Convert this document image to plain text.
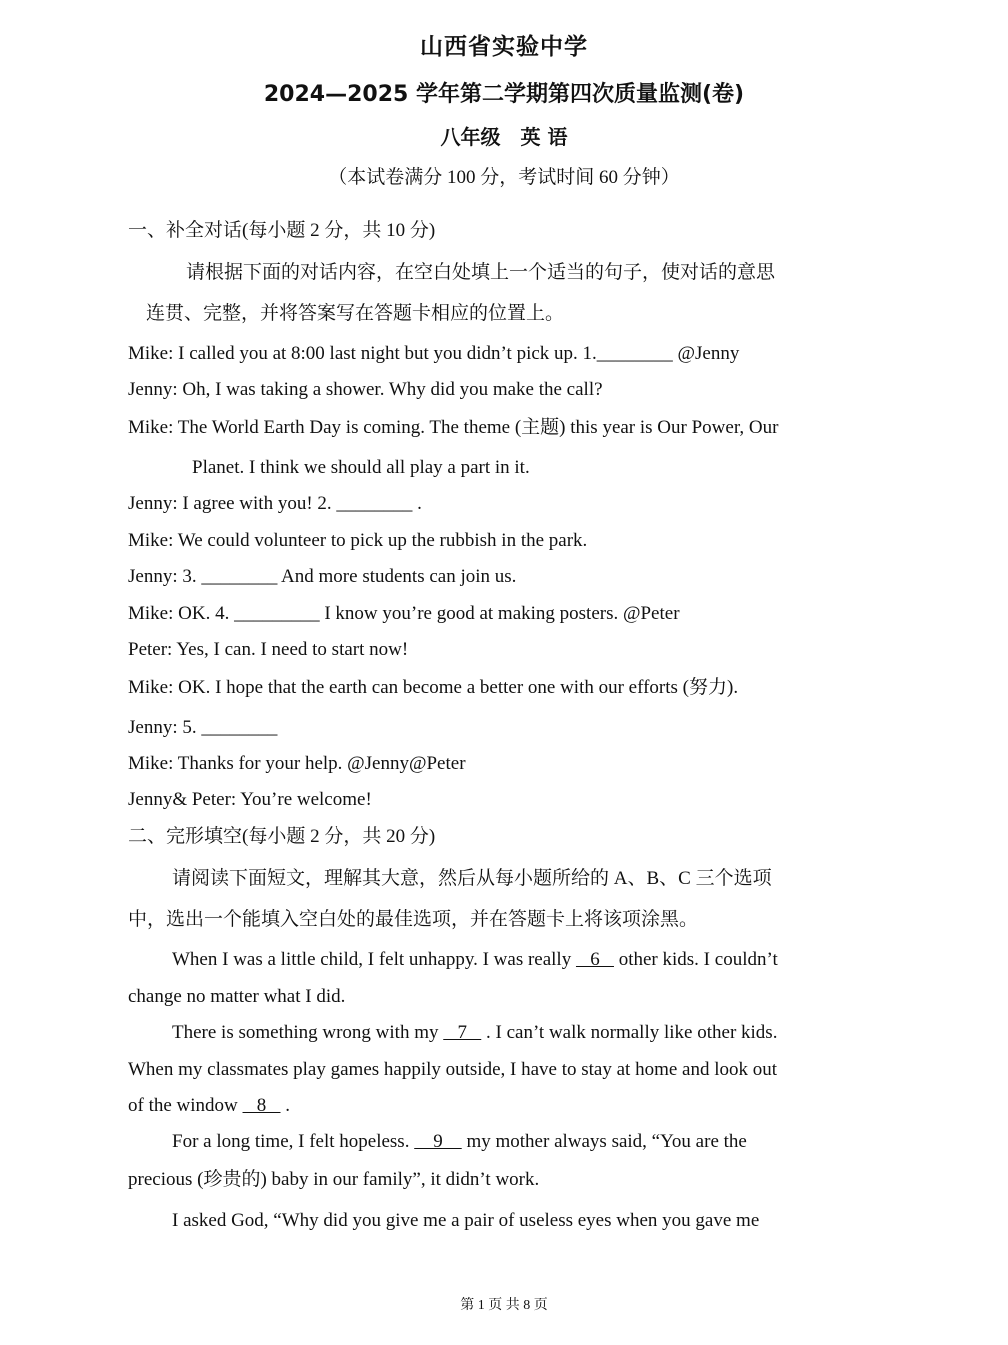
山西省实验中学
2024—2025 学年第二学期第四次质量监测(卷)
八年级　英 语
（本试卷满分 100 分，考试时间 60 分钟）
一、补全对话(每小题 2 分，共 10 分)
请根据下面的对话内容，在空白处填上一个适当的句子，使对话的意思
连贯、完整，并将答案写在答题卡相应的位置上。
Mike: I called you at 8:00 last night but you didn’t pick up. 1.________ @Jenny
Jenny: Oh, I was taking a shower. Why did you make the call?
Mike: The World Earth Day is coming. The theme (主题) this year is Our Power, Our
Planet. I think we should all play a part in it.
Jenny: I agree with you! 2. ________ .
Mike: We could volunteer to pick up the rubbish in the park.
Jenny: 3. ________ And more students can join us.
Mike: OK. 4. _________ I know you’re good at making posters. @Peter
Peter: Yes, I can. I need to start now!
Mike: OK. I hope that the earth can become a better one with our efforts (努力).
Jenny: 5. ________
Mike: Thanks for your help. @Jenny@Peter
Jenny& Peter: You’re welcome!
二、完形填空(每小题 2 分，共 20 分)
请阅读下面短文，理解其大意，然后从每小题所给的 A、B、C 三个选项
中，选出一个能填入空白处的最佳选项，并在答题卡上将该项涂黑。
When I was a little child, I felt unhappy. I was really    6    other kids. I couldn’t
change no matter what I did.
There is something wrong with my    7    . I can’t walk normally like other kids.
When my classmates play games happily outside, I have to stay at home and look out
of the window    8    .
For a long time, I felt hopeless.     9     my mother always said, “You are the
precious (珍贵的) baby in our family”, it didn’t work.
I asked God, “Why did you give me a pair of useless eyes when you gave me
第 1 页 共 8 页
